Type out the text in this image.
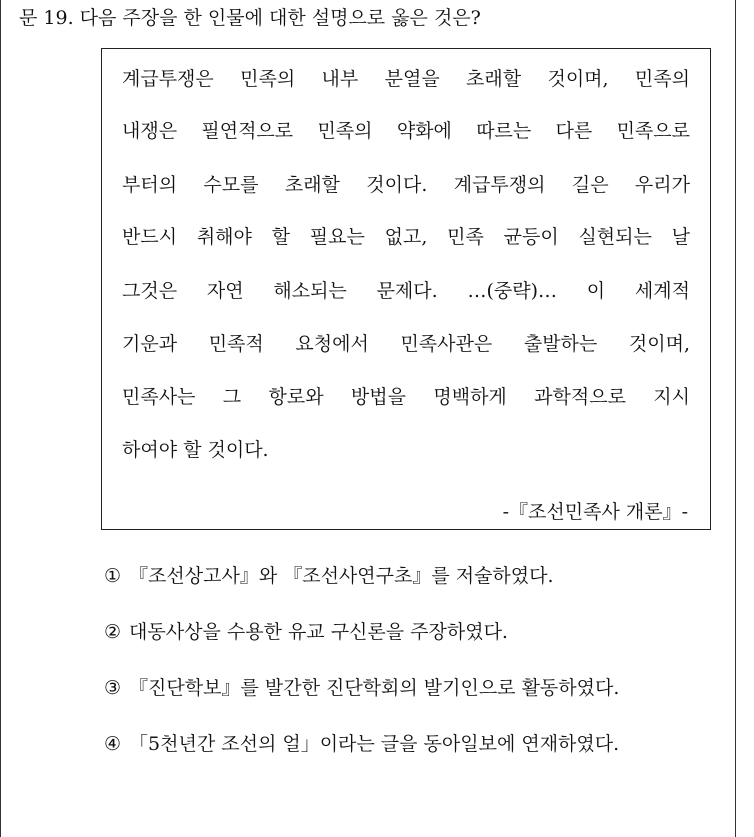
문 19. 다음 주장을 한 인물에 대한 설명으로 옳은 것은?
계급투쟁은 민족의 내부 분열을 초래할 것이며, 민족의
내쟁은 필연적으로 민족의 약화에 따르는 다른 민족으로
부터의 수모를 초래할 것이다. 계급투쟁의 길은 우리가
반드시 취해야 할 필요는 없고, 민족 균등이 실현되는 날
그것은 자연 해소되는 문제다. …(중략)… 이 세계적
기운과 민족적 요청에서 민족사관은 출발하는 것이며,
민족사는 그 항로와 방법을 명백하게 과학적으로 지시
하여야 할 것이다.
-『조선민족사 개론』-
① 『조선상고사』와 『조선사연구초』를 저술하였다.
② 대동사상을 수용한 유교 구신론을 주장하였다.
③ 『진단학보』를 발간한 진단학회의 발기인으로 활동하였다.
④ 「5천년간 조선의 얼」이라는 글을 동아일보에 연재하였다.
